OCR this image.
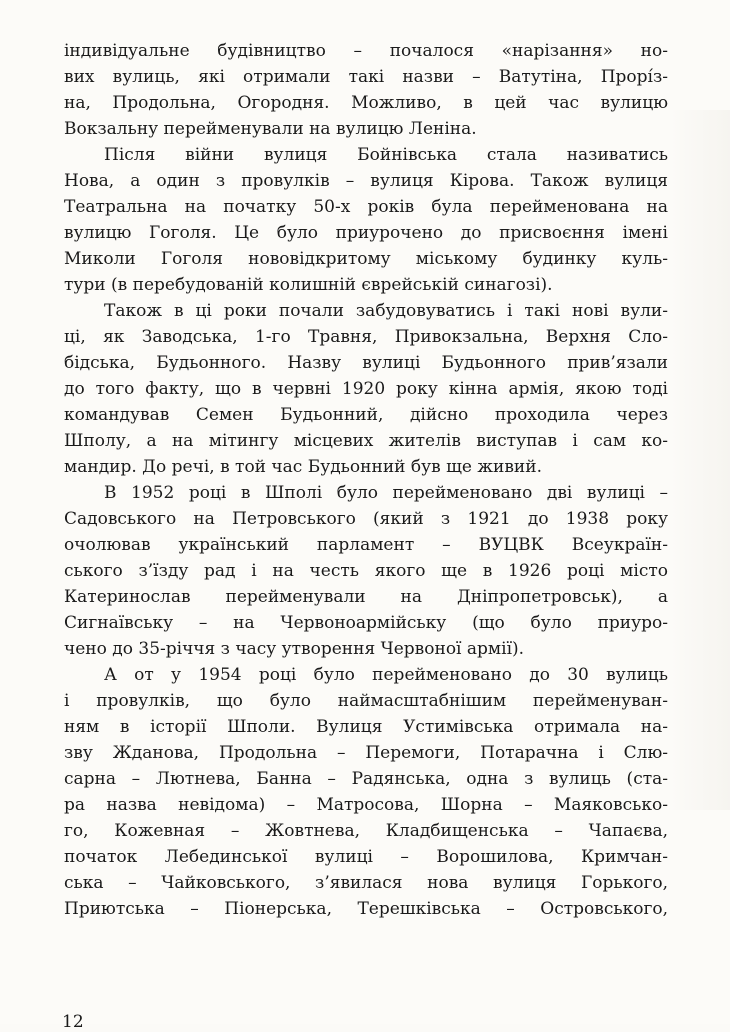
індивідуальне будівництво – почалося «нарізання» но-
вих вулиць, які отримали такі назви – Ватутіна, Прорíз-
на, Продольна, Огородня. Можливо, в цей час вулицю
Вокзальну перейменували на вулицю Леніна.
Після війни вулиця Бойнівська стала називатись
Нова, а один з провулків – вулиця Кірова. Також вулиця
Театральна на початку 50-х років була перейменована на
вулицю Гоголя. Це було приурочено до присвоєння імені
Миколи Гоголя нововідкритому міському будинку куль-
тури (в перебудованій колишній єврейській синагозі).
Також в ці роки почали забудовуватись і такі нові вули-
ці, як Заводська, 1-го Травня, Привокзальна, Верхня Сло-
бідська, Будьонного. Назву вулиці Будьонного прив’язали
до того факту, що в червні 1920 року кінна армія, якою тоді
командував Семен Будьонний, дійсно проходила через
Шполу, а на мітингу місцевих жителів виступав і сам ко-
мандир. До речі, в той час Будьонний був ще живий.
В 1952 році в Шполі було перейменовано дві вулиці –
Садовського на Петровського (який з 1921 до 1938 року
очолював український парламент – ВУЦВК Всеукраїн-
ського з’їзду рад і на честь якого ще в 1926 році місто
Катеринослав перейменували на Дніпропетровськ), а
Сигнаївську – на Червоноармійську (що було приуро-
чено до 35-річчя з часу утворення Червоної армії).
А от у 1954 році було перейменовано до 30 вулиць
і провулків, що було наймасштабнішим перейменуван-
ням в історії Шполи. Вулиця Устимівська отримала на-
зву Жданова, Продольна – Перемоги, Потарачна і Слю-
сарна – Лютнева, Банна – Радянська, одна з вулиць (ста-
ра назва невідома) – Матросова, Шорна – Маяковсько-
го, Кожевная – Жовтнева, Кладбищенська – Чапаєва,
початок Лебединської вулиці – Ворошилова, Кримчан-
ська – Чайковського, з’явилася нова вулиця Горького,
Приютська – Піонерська, Терешківська – Островського,
12
